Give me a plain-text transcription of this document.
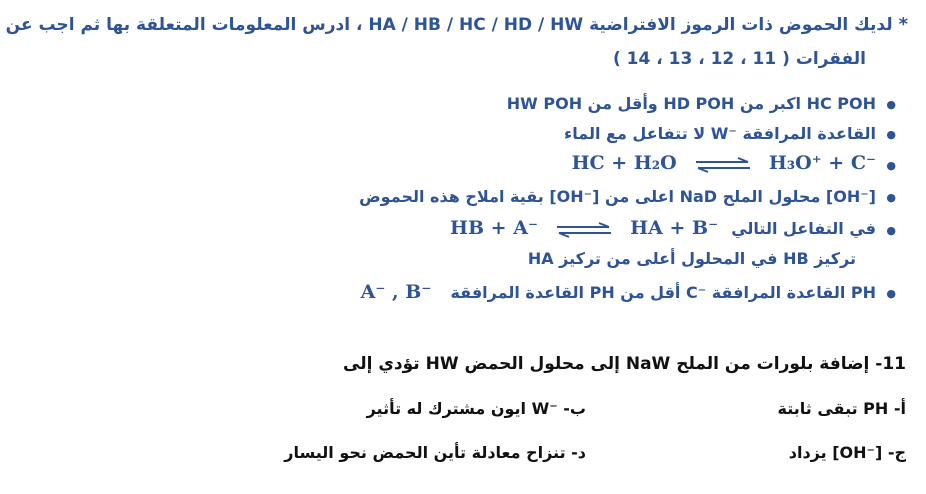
*لديك الحموض ذات الرموز الافتراضية HA / HB / HC / HD / HW ، ادرس المعلومات المتعلقة بها ثم اجب عن
الفقرات ( 11 ، 12 ، 13 ، 14 )
●
HC POH اكبر من HD POH وأقل من HW POH
●
القاعدة المرافقة ⁻W لا تتفاعل مع الماء
●
HC + H₂O ⇌ H₃O⁺ + C⁻
●
[⁻OH] محلول الملح NaD اعلى من [⁻OH] بقية املاح هذه الحموض
●
في التفاعل التالي HB + A⁻ ⇌ HA + B⁻
تركيز HB في المحلول أعلى من تركيز HA
●
PH القاعدة المرافقة ⁻C أقل من PH القاعدة المرافقة A⁻ , B⁻
11- إضافة بلورات من الملح NaW إلى محلول الحمض HW تؤدي إلى
أ- PH تبقى ثابتة
ب- ⁻W ايون مشترك له تأثير
ج- [⁻OH] يزداد
د- تنزاح معادلة تأين الحمض نحو اليسار
